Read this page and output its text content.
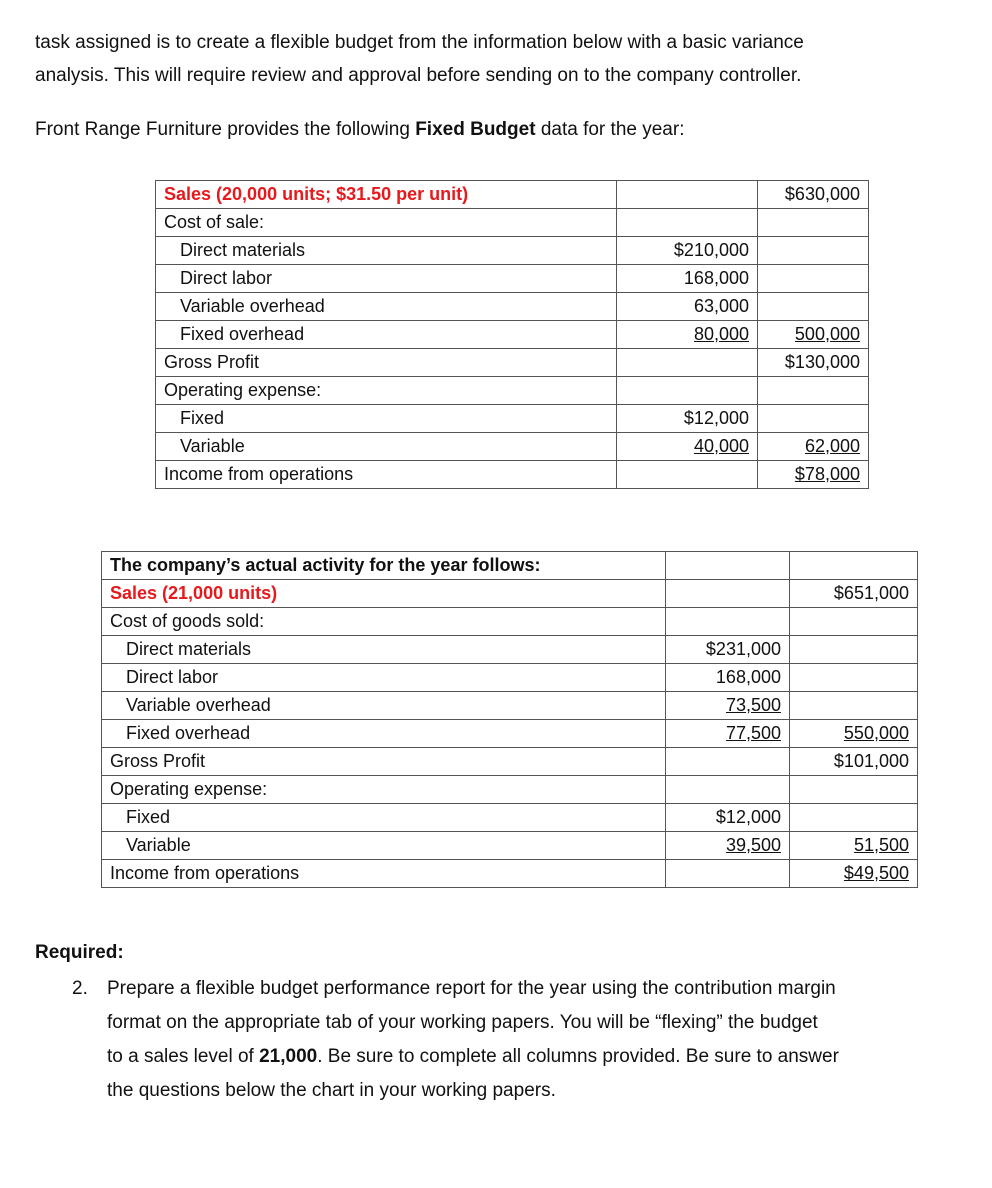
task assigned is to create a flexible budget from the information below with a basic variance

analysis. This will require review and approval before sending on to the company controller.

Front Range Furniture provides the following Fixed Budget data for the year:

Sales (20,000 units; $31.50 per unit)		$630,000
Cost of sale:		
Direct materials	$210,000	
Direct labor	168,000	
Variable overhead	63,000	
Fixed overhead	80,000	500,000
Gross Profit		$130,000
Operating expense:		
Fixed	$12,000	
Variable	40,000	62,000
Income from operations		$78,000
The company’s actual activity for the year follows:		
Sales (21,000 units)		$651,000
Cost of goods sold:		
Direct materials	$231,000	
Direct labor	168,000	
Variable overhead	73,500	
Fixed overhead	77,500	550,000
Gross Profit		$101,000
Operating expense:		
Fixed	$12,000	
Variable	39,500	51,500
Income from operations		$49,500
Required:
2. Prepare a flexible budget performance report for the year using the contribution margin
format on the appropriate tab of your working papers. You will be “flexing” the budget
to a sales level of 21,000. Be sure to complete all columns provided. Be sure to answer
the questions below the chart in your working papers.
